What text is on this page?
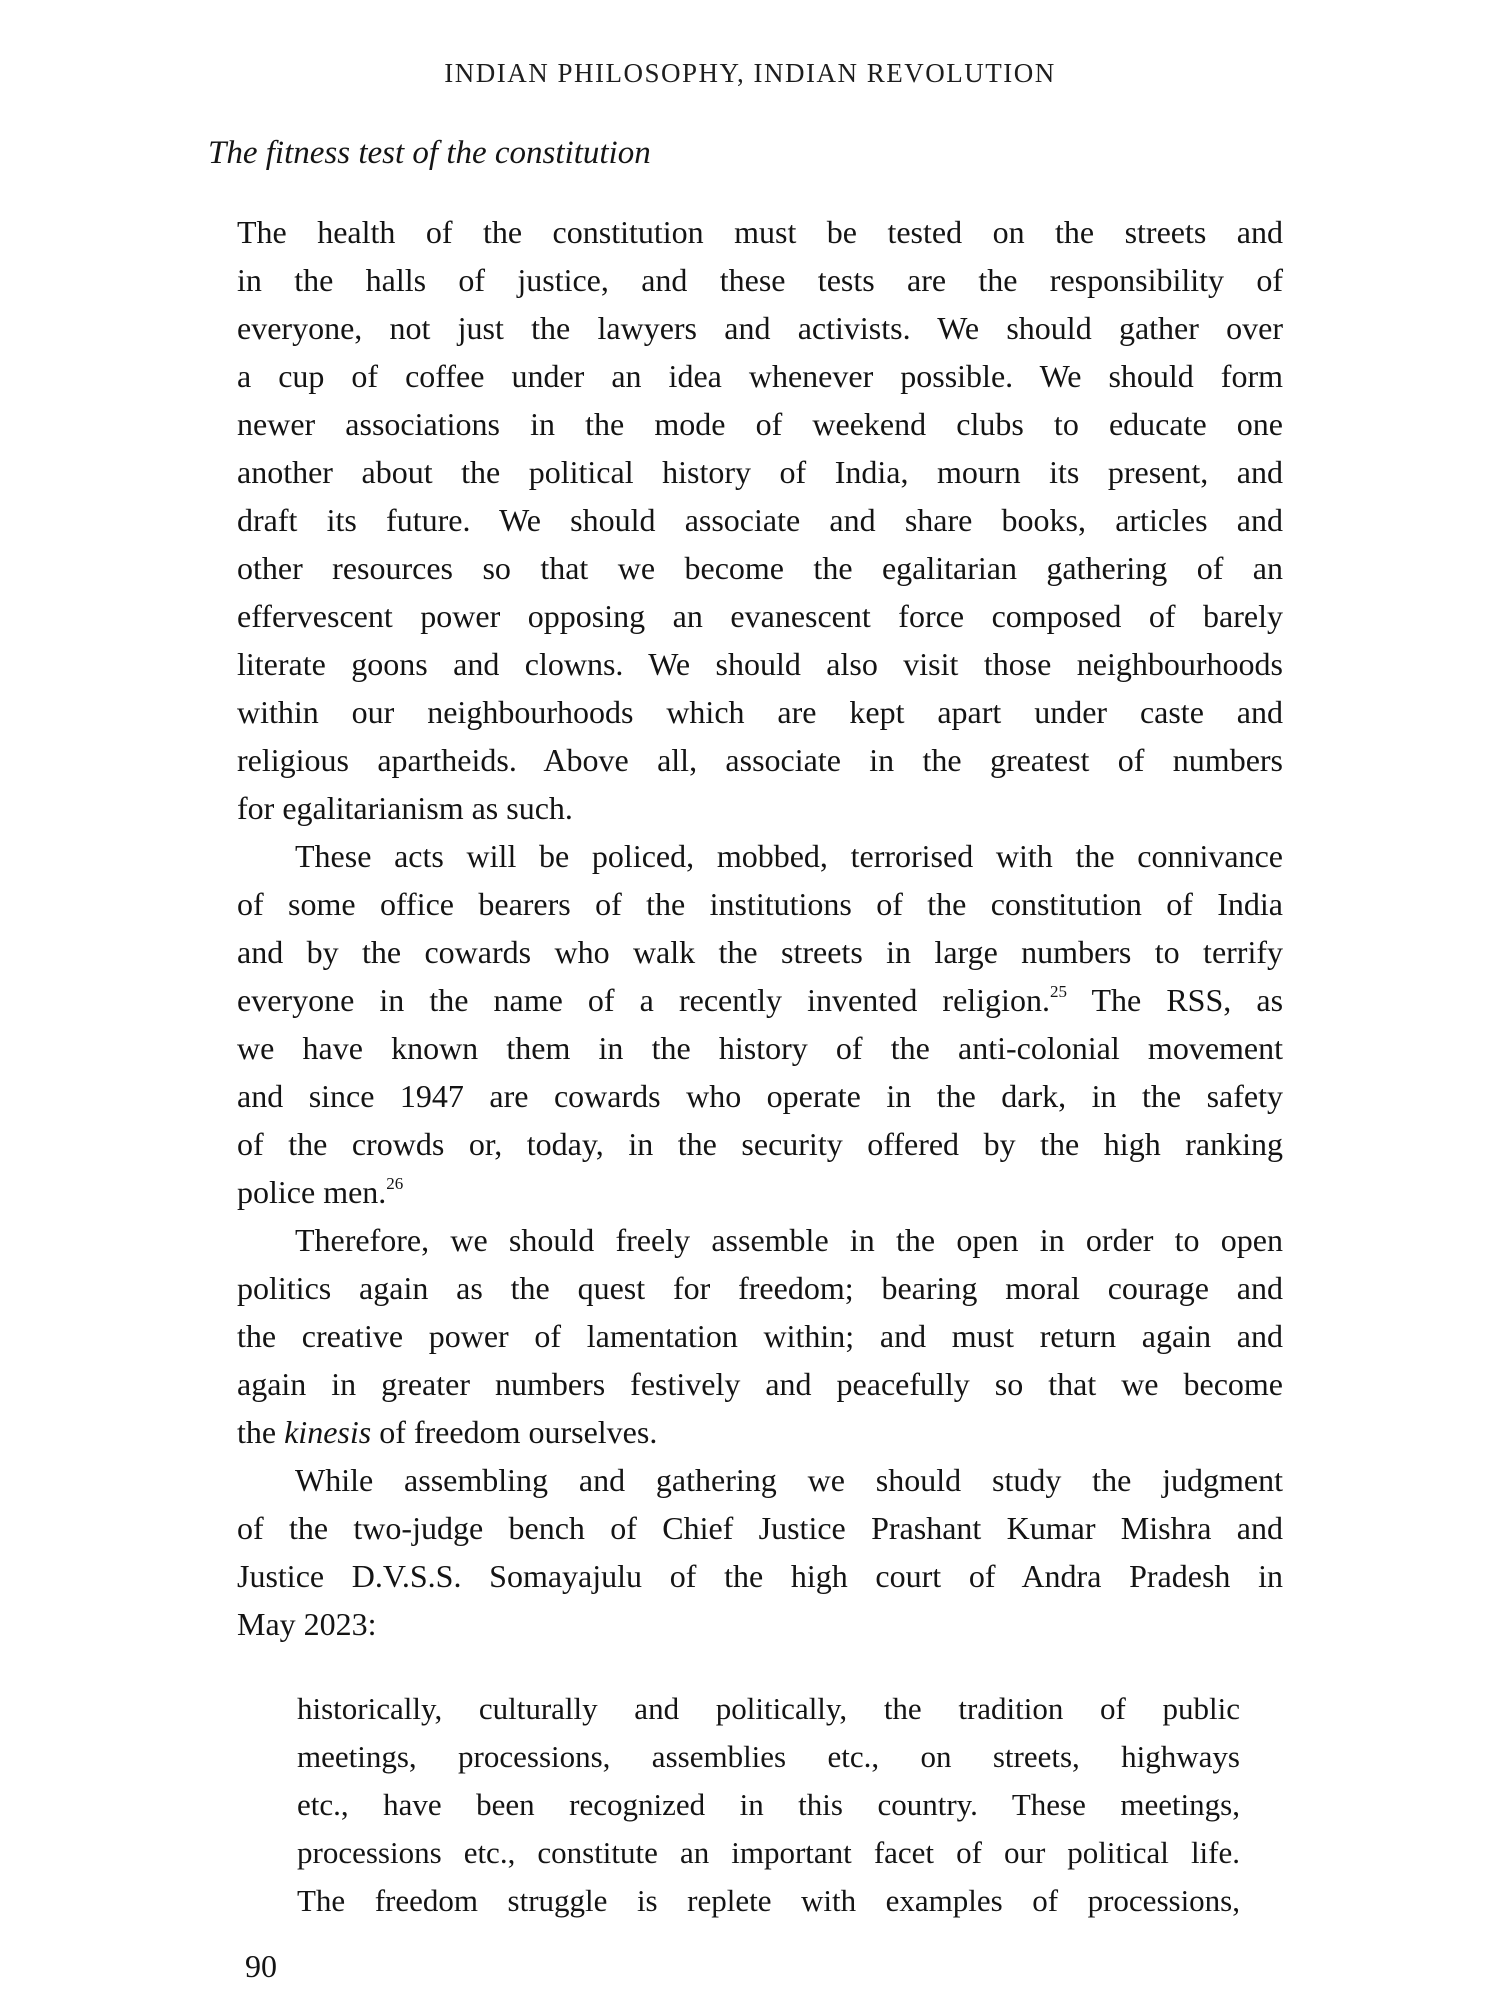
INDIAN PHILOSOPHY, INDIAN REVOLUTION
The fitness test of the constitution
The health of the constitution must be tested on the streets and
in the halls of justice, and these tests are the responsibility of
everyone, not just the lawyers and activists. We should gather over
a cup of coffee under an idea whenever possible. We should form
newer associations in the mode of weekend clubs to educate one
another about the political history of India, mourn its present, and
draft its future. We should associate and share books, articles and
other resources so that we become the egalitarian gathering of an
effervescent power opposing an evanescent force composed of barely
literate goons and clowns. We should also visit those neighbourhoods
within our neighbourhoods which are kept apart under caste and
religious apartheids. Above all, associate in the greatest of numbers
for egalitarianism as such.
These acts will be policed, mobbed, terrorised with the connivance
of some office bearers of the institutions of the constitution of India
and by the cowards who walk the streets in large numbers to terrify
everyone in the name of a recently invented religion.$^{25}$ The RSS, as
we have known them in the history of the anti-colonial movement
and since 1947 are cowards who operate in the dark, in the safety
of the crowds or, today, in the security offered by the high ranking
police men.$^{26}$
Therefore, we should freely assemble in the open in order to open
politics again as the quest for freedom; bearing moral courage and
the creative power of lamentation within; and must return again and
again in greater numbers festively and peacefully so that we become
the kinesis of freedom ourselves.
While assembling and gathering we should study the judgment
of the two-judge bench of Chief Justice Prashant Kumar Mishra and
Justice D.V.S.S. Somayajulu of the high court of Andra Pradesh in
May 2023:
historically, culturally and politically, the tradition of public
meetings, processions, assemblies etc., on streets, highways
etc., have been recognized in this country. These meetings,
processions etc., constitute an important facet of our political life.
The freedom struggle is replete with examples of processions,
90
